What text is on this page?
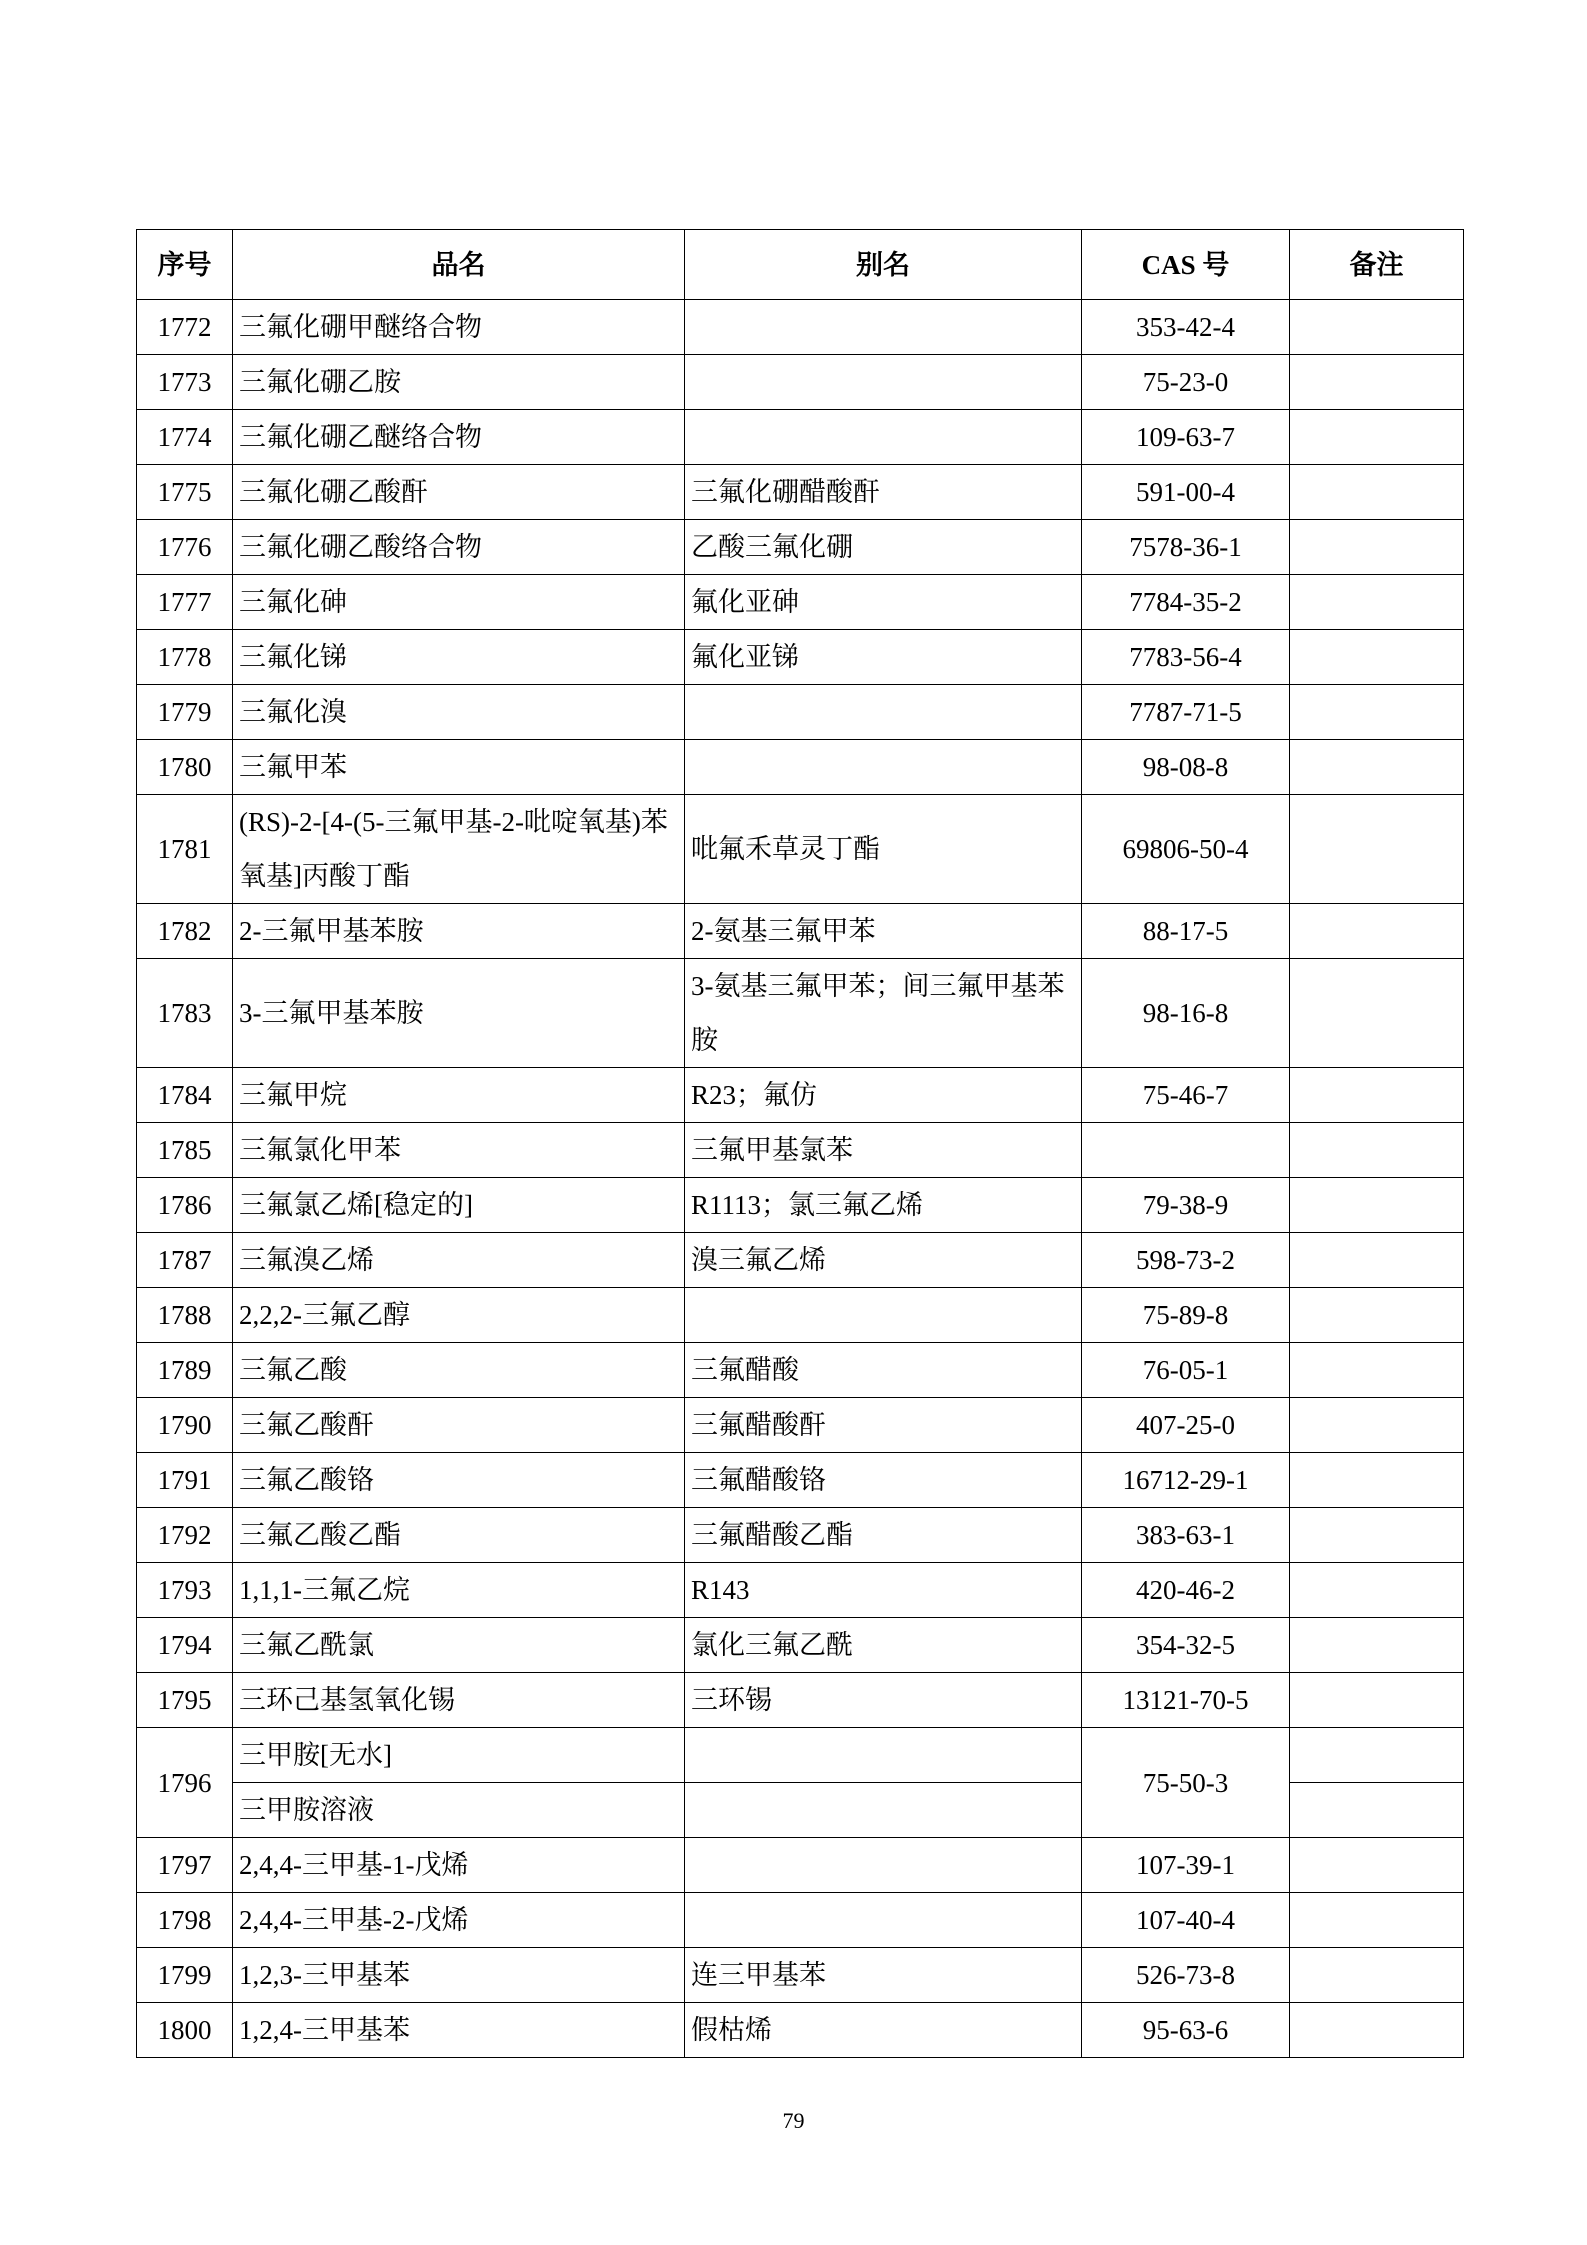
序号	品名	别名	CAS 号	备注
1772	三氟化硼甲醚络合物		353-42-4	
1773	三氟化硼乙胺		75-23-0	
1774	三氟化硼乙醚络合物		109-63-7	
1775	三氟化硼乙酸酐	三氟化硼醋酸酐	591-00-4	
1776	三氟化硼乙酸络合物	乙酸三氟化硼	7578-36-1	
1777	三氟化砷	氟化亚砷	7784-35-2	
1778	三氟化锑	氟化亚锑	7783-56-4	
1779	三氟化溴		7787-71-5	
1780	三氟甲苯		98-08-8	
1781	(RS)-2-[4-(5-三氟甲基-2-吡啶氧基)苯氧基]丙酸丁酯	吡氟禾草灵丁酯	69806-50-4	
1782	2-三氟甲基苯胺	2-氨基三氟甲苯	88-17-5	
1783	3-三氟甲基苯胺	3-氨基三氟甲苯；间三氟甲基苯胺	98-16-8	
1784	三氟甲烷	R23；氟仿	75-46-7	
1785	三氟氯化甲苯	三氟甲基氯苯		
1786	三氟氯乙烯[稳定的]	R1113；氯三氟乙烯	79-38-9	
1787	三氟溴乙烯	溴三氟乙烯	598-73-2	
1788	2,2,2-三氟乙醇		75-89-8	
1789	三氟乙酸	三氟醋酸	76-05-1	
1790	三氟乙酸酐	三氟醋酸酐	407-25-0	
1791	三氟乙酸铬	三氟醋酸铬	16712-29-1	
1792	三氟乙酸乙酯	三氟醋酸乙酯	383-63-1	
1793	1,1,1-三氟乙烷	R143	420-46-2	
1794	三氟乙酰氯	氯化三氟乙酰	354-32-5	
1795	三环己基氢氧化锡	三环锡	13121-70-5	
1796	三甲胺[无水]		75-50-3	
	三甲胺溶液			
1797	2,4,4-三甲基-1-戊烯		107-39-1	
1798	2,4,4-三甲基-2-戊烯		107-40-4	
1799	1,2,3-三甲基苯	连三甲基苯	526-73-8	
1800	1,2,4-三甲基苯	假枯烯	95-63-6	
79
